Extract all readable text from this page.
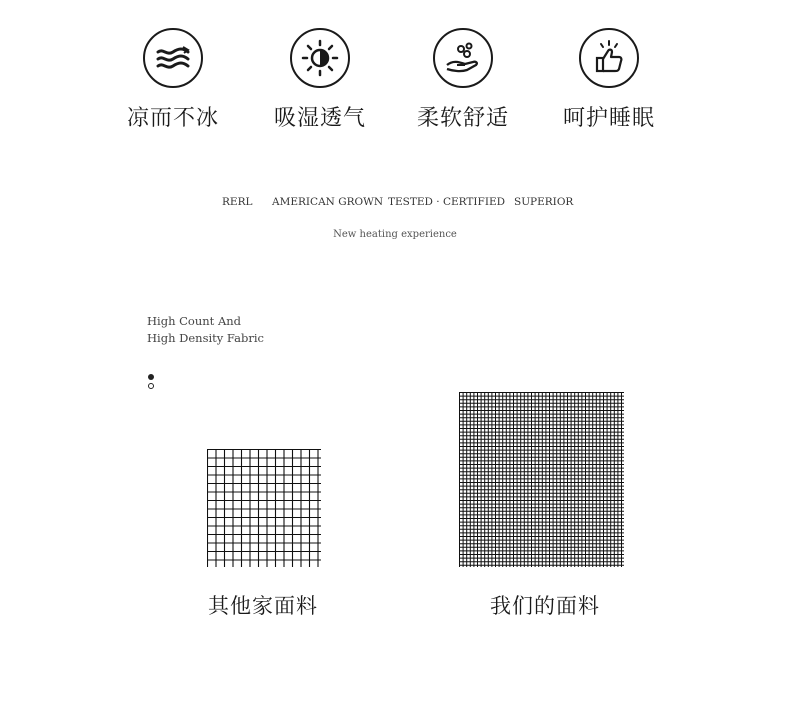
凉而不冰	吸湿透气	柔软舒适	呵护睡眠
RERL AMERICAN GROWN TESTED · CERTIFIED SUPERIOR
New heating experience
High Count And
High Density Fabric
其他家面料	我们的面料
